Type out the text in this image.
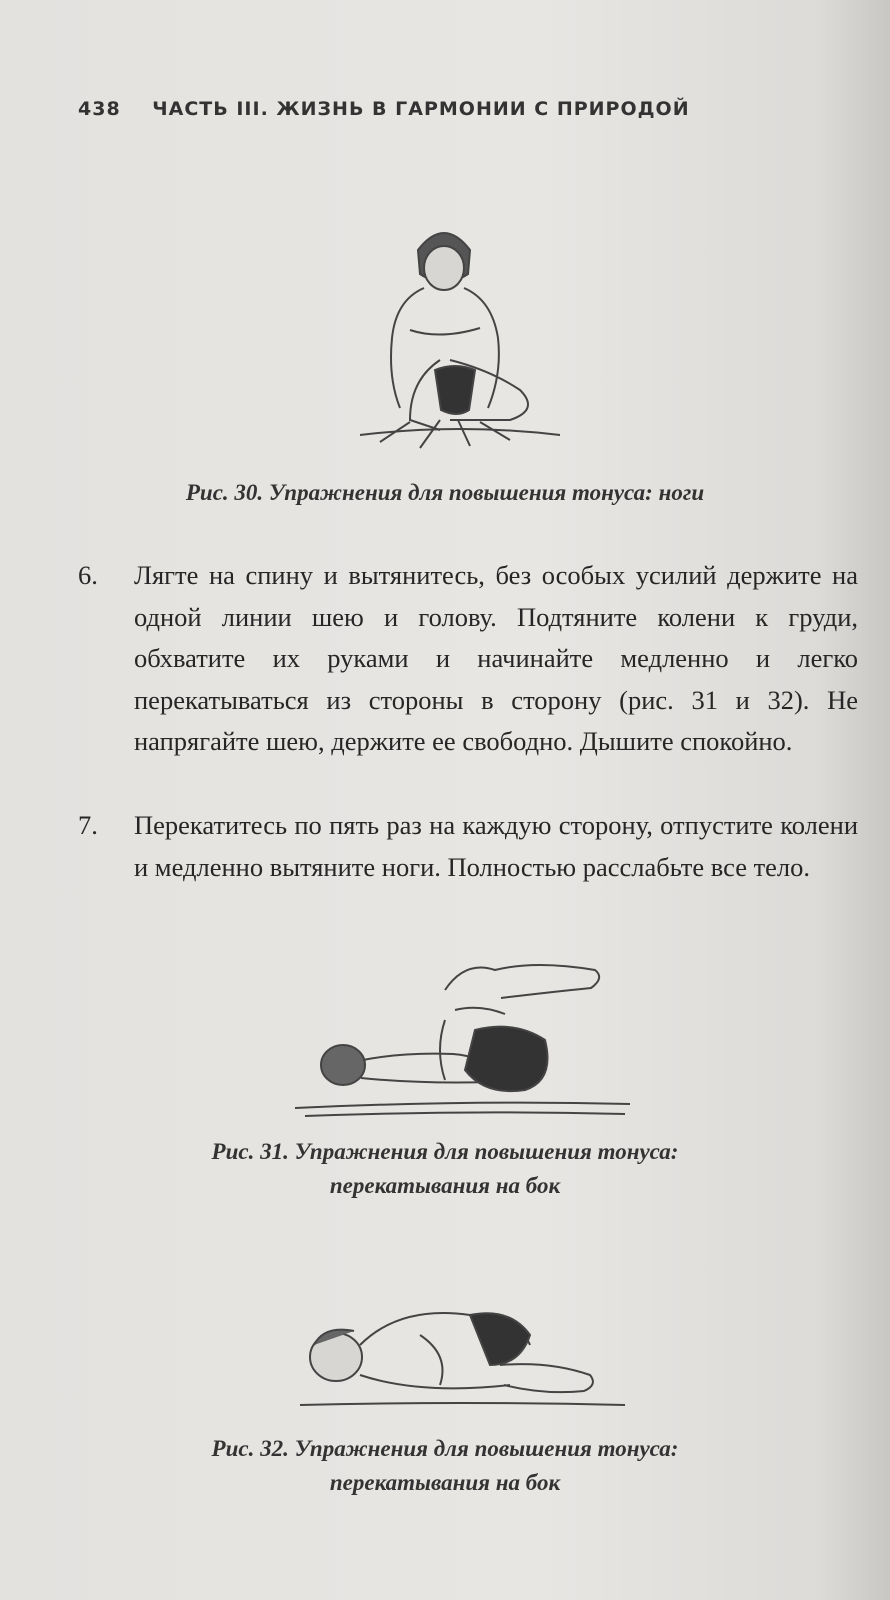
438 ЧАСТЬ III. ЖИЗНЬ В ГАРМОНИИ С ПРИРОДОЙ
Рис. 30. Упражнения для повышения тонуса: ноги
6. Лягте на спину и вытянитесь, без особых усилий держите на одной линии шею и голову. Подтяните колени к груди, обхватите их руками и начинайте медленно и легко перекатываться из стороны в сторону (рис. 31 и 32). Не напрягайте шею, держите ее свободно. Дышите спокойно.
7. Перекатитесь по пять раз на каждую сторону, отпустите колени и медленно вытяните ноги. Полностью расслабьте все тело.
Рис. 31. Упражнения для повышения тонуса:
перекатывания на бок
Рис. 32. Упражнения для повышения тонуса:
перекатывания на бок
